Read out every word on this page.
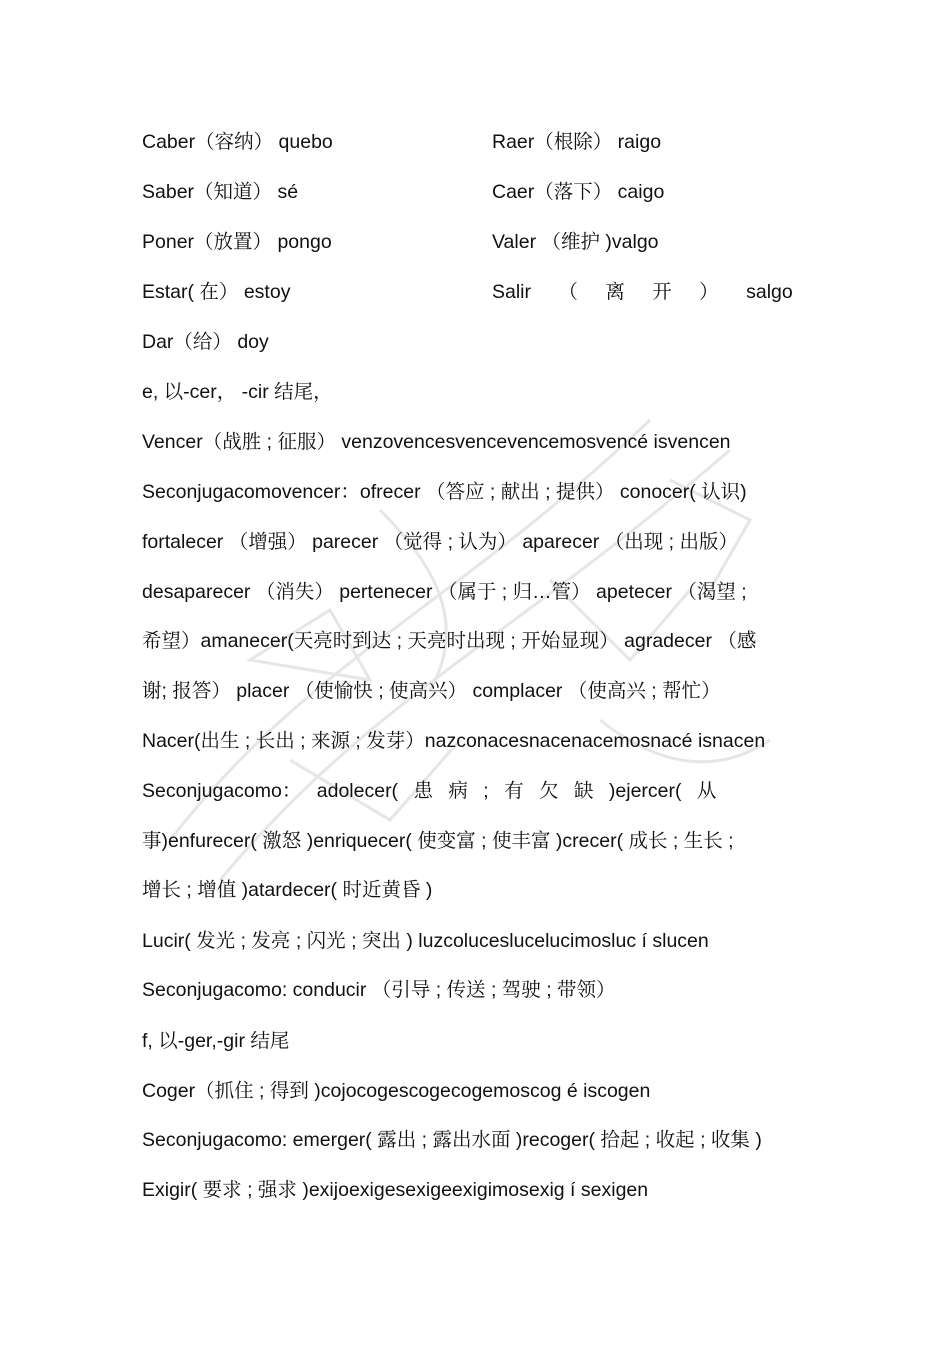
Caber（容纳） quebo	Raer（根除） raigo
Saber（知道） sé	Caer（落下） caigo
Poner（放置） pongo	Valer （维护 )valgo
Estar( 在） estoy	Salir （ 离 开 ） salgo
Dar（给） doy
e, 以-cer， -cir 结尾，
Vencer（战胜 ; 征服） venzovencesvencevencemosvencé isvencen
Seconjugacomovencer：ofrecer （答应 ; 献出 ; 提供） conocer( 认识)
fortalecer （增强） parecer （觉得 ; 认为） aparecer （出现 ; 出版）
desaparecer （消失） pertenecer （属于 ; 归…管） apetecer （渴望 ;
希望）amanecer(天亮时到达 ; 天亮时出现 ; 开始显现） agradecer （感
谢; 报答） placer （使愉快 ; 使高兴） complacer （使高兴 ; 帮忙）
Nacer(出生 ; 长出 ; 来源 ; 发芽）nazconacesnacenacemosnacé isnacen
Seconjugacomo： adolecer( 患 病 ; 有 欠 缺 )ejercer( 从
事)enfurecer( 激怒 )enriquecer( 使变富 ; 使丰富 )crecer( 成长 ; 生长 ;
增长 ; 增值 )atardecer( 时近黄昏 )
Lucir( 发光 ; 发亮 ; 闪光 ; 突出 ) luzcoluceslucelucimosluc í slucen
Seconjugacomo: conducir （引导 ; 传送 ; 驾驶 ; 带领）
f, 以-ger,-gir 结尾
Coger（抓住 ; 得到 )cojocogescogecogemoscog é iscogen
Seconjugacomo: emerger( 露出 ; 露出水面 )recoger( 拾起 ; 收起 ; 收集 )
Exigir( 要求 ; 强求 )exijoexigesexigeexigimosexig í sexigen
